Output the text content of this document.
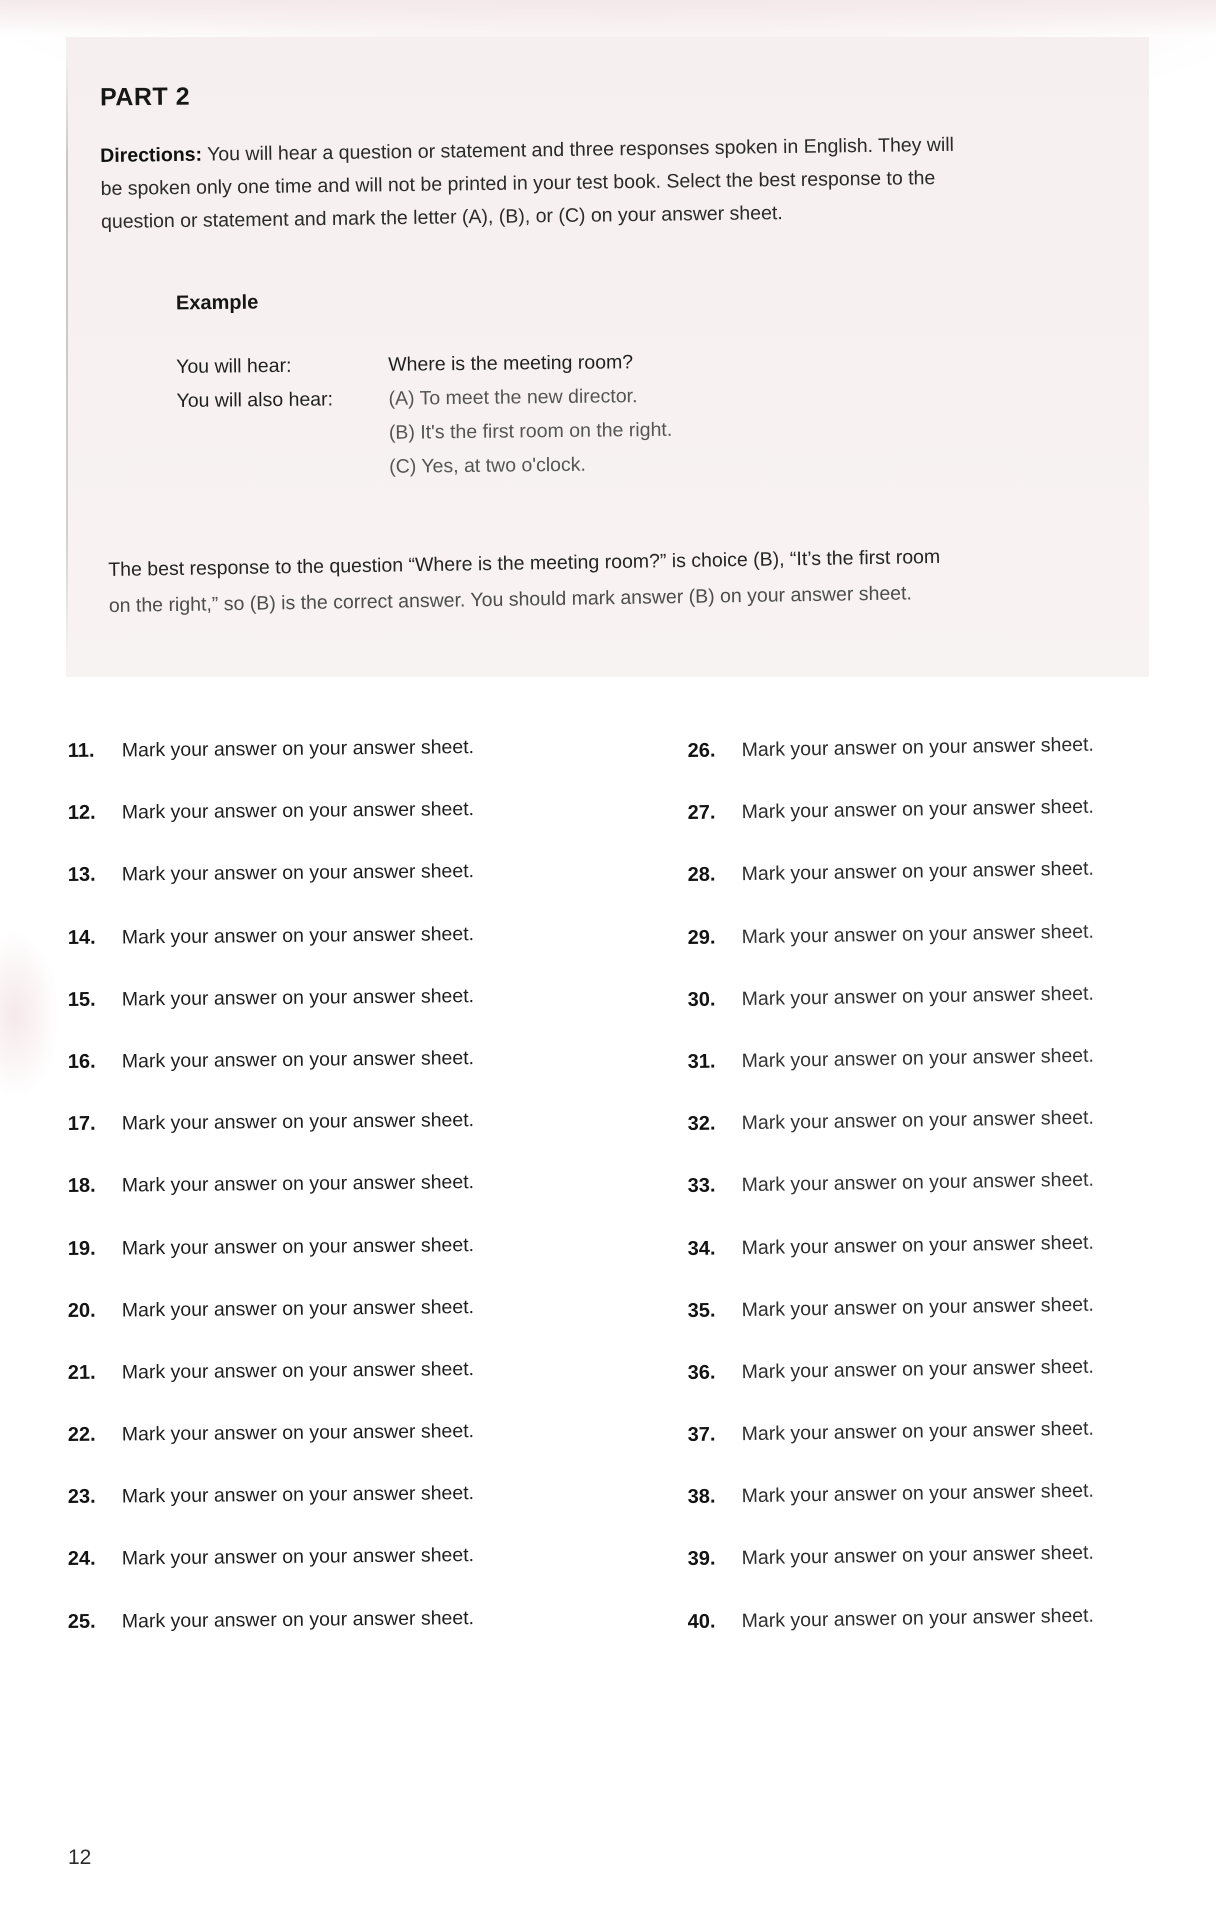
PART 2
Directions: You will hear a question or statement and three responses spoken in English. They will
be spoken only one time and will not be printed in your test book. Select the best response to the
question or statement and mark the letter (A), (B), or (C) on your answer sheet.
Example
You will hear:	Where is the meeting room?
You will also hear:	(A) To meet the new director.
(B) It's the first room on the right.
(C) Yes, at two o'clock.
The best response to the question “Where is the meeting room?” is choice (B), “It’s the first room
on the right,” so (B) is the correct answer. You should mark answer (B) on your answer sheet.
11.	Mark your answer on your answer sheet.
12.	Mark your answer on your answer sheet.
13.	Mark your answer on your answer sheet.
14.	Mark your answer on your answer sheet.
15.	Mark your answer on your answer sheet.
16.	Mark your answer on your answer sheet.
17.	Mark your answer on your answer sheet.
18.	Mark your answer on your answer sheet.
19.	Mark your answer on your answer sheet.
20.	Mark your answer on your answer sheet.
21.	Mark your answer on your answer sheet.
22.	Mark your answer on your answer sheet.
23.	Mark your answer on your answer sheet.
24.	Mark your answer on your answer sheet.
25.	Mark your answer on your answer sheet.
26.	Mark your answer on your answer sheet.
27.	Mark your answer on your answer sheet.
28.	Mark your answer on your answer sheet.
29.	Mark your answer on your answer sheet.
30.	Mark your answer on your answer sheet.
31.	Mark your answer on your answer sheet.
32.	Mark your answer on your answer sheet.
33.	Mark your answer on your answer sheet.
34.	Mark your answer on your answer sheet.
35.	Mark your answer on your answer sheet.
36.	Mark your answer on your answer sheet.
37.	Mark your answer on your answer sheet.
38.	Mark your answer on your answer sheet.
39.	Mark your answer on your answer sheet.
40.	Mark your answer on your answer sheet.
12
